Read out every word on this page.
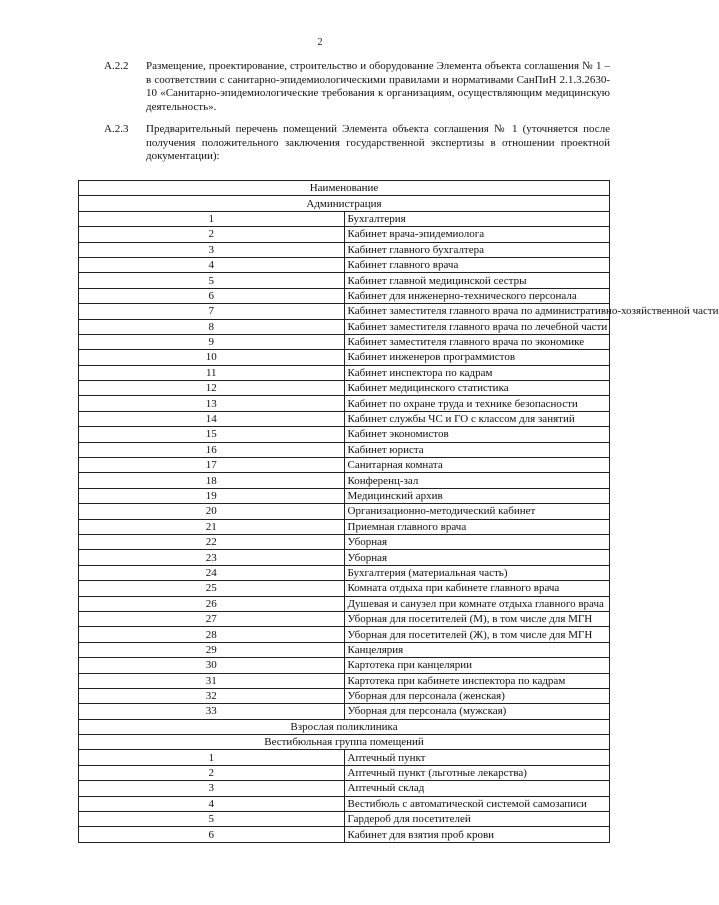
2
A.2.2 Размещение, проектирование, строительство и оборудование Элемента объекта соглашения № 1 – в соответствии с санитарно-эпидемиологическими правилами и нормативами СанПиН 2.1.3.2630-10 «Санитарно-эпидемиологические требования к организациям, осуществляющим медицинскую деятельность».
A.2.3 Предварительный перечень помещений Элемента объекта соглашения № 1 (уточняется после получения положительного заключения государственной экспертизы в отношении проектной документации):
Наименование	
Администрация	
1	Бухгалтерия
2	Кабинет врача-эпидемиолога
3	Кабинет главного бухгалтера
4	Кабинет главного врача
5	Кабинет главной медицинской сестры
6	Кабинет для инженерно-технического персонала
7	Кабинет заместителя главного врача по административно-хозяйственной части
8	Кабинет заместителя главного врача по лечебной части
9	Кабинет заместителя главного врача по экономике
10	Кабинет инженеров программистов
11	Кабинет инспектора по кадрам
12	Кабинет медицинского статистика
13	Кабинет по охране труда и технике безопасности
14	Кабинет службы ЧС и ГО с классом для занятий
15	Кабинет экономистов
16	Кабинет юриста
17	Санитарная комната
18	Конференц-зал
19	Медицинский архив
20	Организационно-методический кабинет
21	Приемная главного врача
22	Уборная
23	Уборная
24	Бухгалтерия (материальная часть)
25	Комната отдыха при кабинете главного врача
26	Душевая и санузел при комнате отдыха главного врача
27	Уборная для посетителей (М), в том числе для МГН
28	Уборная для посетителей (Ж), в том числе для МГН
29	Канцелярия
30	Картотека при канцелярии
31	Картотека при кабинете инспектора по кадрам
32	Уборная для персонала (женская)
33	Уборная для персонала (мужская)
Взрослая поликлиника	
Вестибюльная группа помещений	
1	Аптечный пункт
2	Аптечный пункт (льготные лекарства)
3	Аптечный склад
4	Вестибюль с автоматической системой самозаписи
5	Гардероб для посетителей
6	Кабинет для взятия проб крови
